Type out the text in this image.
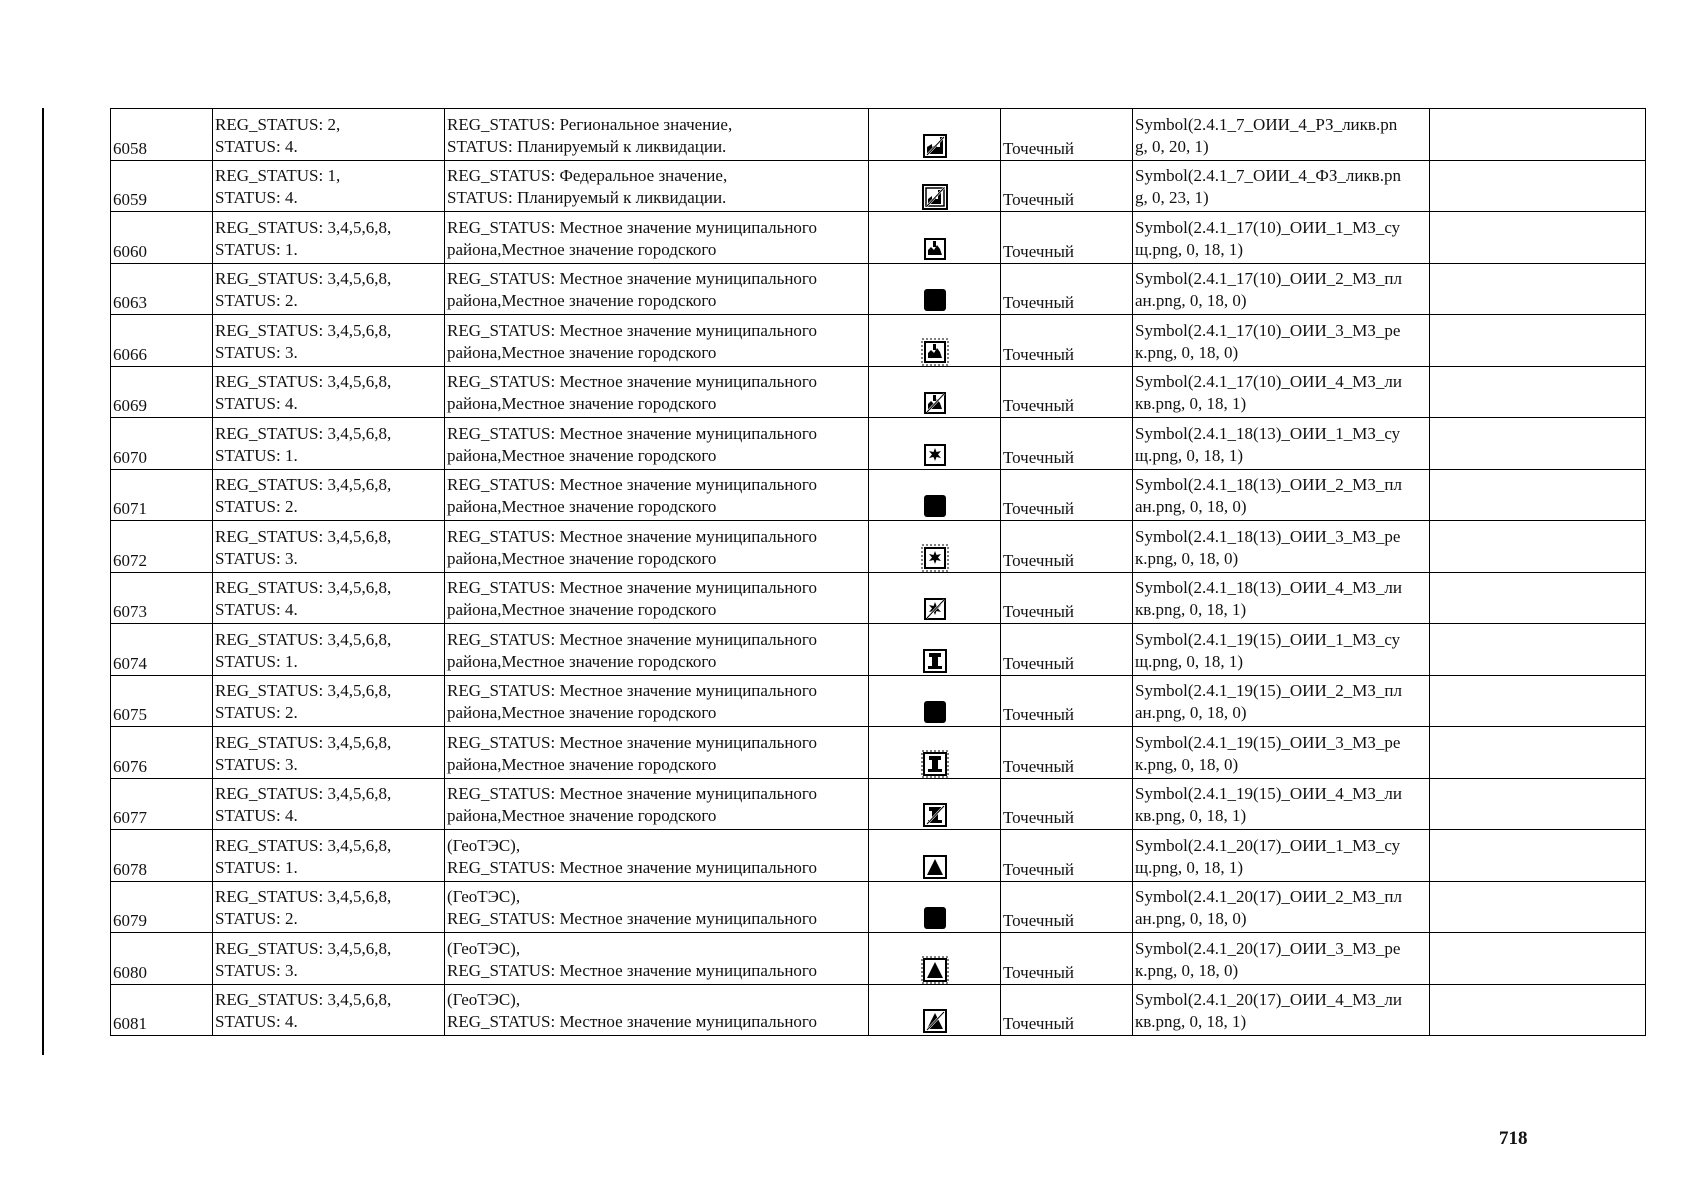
6058	REG_STATUS: 2,
STATUS: 4.	REG_STATUS: Региональное значение,
STATUS: Планируемый к ликвидации.		Точечный	Symbol(2.4.1_7_ОИИ_4_РЗ_ликв.pn
g, 0, 20, 1)	

6059	REG_STATUS: 1,
STATUS: 4.	REG_STATUS: Федеральное значение,
STATUS: Планируемый к ликвидации.		Точечный	Symbol(2.4.1_7_ОИИ_4_ФЗ_ликв.pn
g, 0, 23, 1)	

6060	REG_STATUS: 3,4,5,6,8,
STATUS: 1.	REG_STATUS: Местное значение муниципального
района,Местное значение городского		Точечный	Symbol(2.4.1_17(10)_ОИИ_1_МЗ_су
щ.png, 0, 18, 1)	

6063	REG_STATUS: 3,4,5,6,8,
STATUS: 2.	REG_STATUS: Местное значение муниципального
района,Местное значение городского		Точечный	Symbol(2.4.1_17(10)_ОИИ_2_МЗ_пл
ан.png, 0, 18, 0)	

6066	REG_STATUS: 3,4,5,6,8,
STATUS: 3.	REG_STATUS: Местное значение муниципального
района,Местное значение городского		Точечный	Symbol(2.4.1_17(10)_ОИИ_3_МЗ_ре
к.png, 0, 18, 0)	

6069	REG_STATUS: 3,4,5,6,8,
STATUS: 4.	REG_STATUS: Местное значение муниципального
района,Местное значение городского		Точечный	Symbol(2.4.1_17(10)_ОИИ_4_МЗ_ли
кв.png, 0, 18, 1)	

6070	REG_STATUS: 3,4,5,6,8,
STATUS: 1.	REG_STATUS: Местное значение муниципального
района,Местное значение городского		Точечный	Symbol(2.4.1_18(13)_ОИИ_1_МЗ_су
щ.png, 0, 18, 1)	

6071	REG_STATUS: 3,4,5,6,8,
STATUS: 2.	REG_STATUS: Местное значение муниципального
района,Местное значение городского		Точечный	Symbol(2.4.1_18(13)_ОИИ_2_МЗ_пл
ан.png, 0, 18, 0)	

6072	REG_STATUS: 3,4,5,6,8,
STATUS: 3.	REG_STATUS: Местное значение муниципального
района,Местное значение городского		Точечный	Symbol(2.4.1_18(13)_ОИИ_3_МЗ_ре
к.png, 0, 18, 0)	

6073	REG_STATUS: 3,4,5,6,8,
STATUS: 4.	REG_STATUS: Местное значение муниципального
района,Местное значение городского		Точечный	Symbol(2.4.1_18(13)_ОИИ_4_МЗ_ли
кв.png, 0, 18, 1)	

6074	REG_STATUS: 3,4,5,6,8,
STATUS: 1.	REG_STATUS: Местное значение муниципального
района,Местное значение городского		Точечный	Symbol(2.4.1_19(15)_ОИИ_1_МЗ_су
щ.png, 0, 18, 1)	

6075	REG_STATUS: 3,4,5,6,8,
STATUS: 2.	REG_STATUS: Местное значение муниципального
района,Местное значение городского		Точечный	Symbol(2.4.1_19(15)_ОИИ_2_МЗ_пл
ан.png, 0, 18, 0)	

6076	REG_STATUS: 3,4,5,6,8,
STATUS: 3.	REG_STATUS: Местное значение муниципального
района,Местное значение городского		Точечный	Symbol(2.4.1_19(15)_ОИИ_3_МЗ_ре
к.png, 0, 18, 0)	

6077	REG_STATUS: 3,4,5,6,8,
STATUS: 4.	REG_STATUS: Местное значение муниципального
района,Местное значение городского		Точечный	Symbol(2.4.1_19(15)_ОИИ_4_МЗ_ли
кв.png, 0, 18, 1)	

6078	REG_STATUS: 3,4,5,6,8,
STATUS: 1.	(ГеоТЭС),
REG_STATUS: Местное значение муниципального		Точечный	Symbol(2.4.1_20(17)_ОИИ_1_МЗ_су
щ.png, 0, 18, 1)	

6079	REG_STATUS: 3,4,5,6,8,
STATUS: 2.	(ГеоТЭС),
REG_STATUS: Местное значение муниципального		Точечный	Symbol(2.4.1_20(17)_ОИИ_2_МЗ_пл
ан.png, 0, 18, 0)	

6080	REG_STATUS: 3,4,5,6,8,
STATUS: 3.	(ГеоТЭС),
REG_STATUS: Местное значение муниципального		Точечный	Symbol(2.4.1_20(17)_ОИИ_3_МЗ_ре
к.png, 0, 18, 0)	

6081	REG_STATUS: 3,4,5,6,8,
STATUS: 4.	(ГеоТЭС),
REG_STATUS: Местное значение муниципального		Точечный	Symbol(2.4.1_20(17)_ОИИ_4_МЗ_ли
кв.png, 0, 18, 1)	

718
